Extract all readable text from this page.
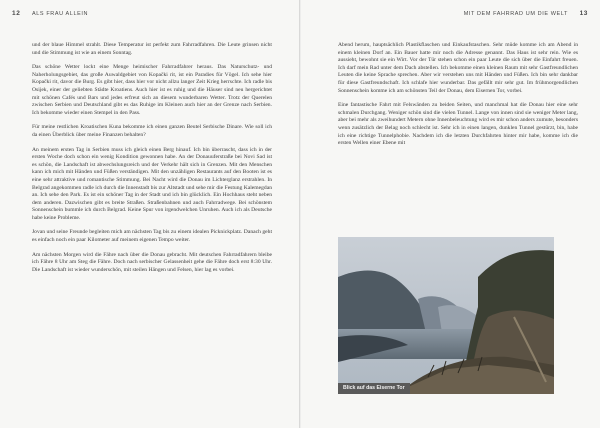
12 ALS FRAU ALLEIN

und der blaue Himmel strahlt. Diese Temperatur ist perfekt zum Fahrradfahren. Die Leute grinsen nicht und die Stimmung ist wie an einem Sonntag.

Das schöne Wetter lockt eine Menge heimischer Fahrradfahrer heraus. Das Naturschutz- und Naherholungsgebiet, das große Auwaldgebiet von Kopački rit, ist ein Paradies für Vögel. Ich sehe hier Kopački rit, davor die Burg. Es gibt hier, dass hier vor nicht allzu langer Zeit Krieg herrschte. Ich radle bis Osijek, einer der geliebten Städte Kroatiens. Auch hier ist es ruhig und die Häuser sind neu hergerichtet mit schönen Cafés und Bars und jedes erfreut sich an diesem wunderbaren Wetter. Trotz der Querelen zwischen Serbien und Deutschland gibt es das Ruhige im Kleinen auch hier an der Grenze nach Serbien. Ich bekomme wieder einen Stempel in den Pass.

Für meine restlichen Kroatischen Kuna bekomme ich einen ganzen Beutel Serbische Dinare. Wie soll ich da einen Überblick über meine Finanzen behalten?

An meinem ersten Tag in Serbien muss ich gleich einen Berg hinauf. Ich bin überrascht, dass ich in der ersten Woche doch schon ein wenig Kondition gewonnen habe. An der Donauuferstraße bei Novi Sad ist es schön, die Landschaft ist abwechslungsreich und der Verkehr hält sich in Grenzen. Mit den Menschen kann ich mich mit Händen und Füßen verständigen. Mit den unzähligen Restaurants auf den Booten ist es eine sehr attraktive und romantische Stimmung. Bei Nacht wird die Donau im Lichterglanz erstrahlen. In Belgrad angekommen radle ich durch die Innenstadt bis zur Altstadt und sehe mir die Festung Kalemegdan an. Ich sehe den Park. Es ist ein schöner Tag in der Stadt und ich bin glücklich. Ein Hochhaus steht neben dem anderen. Dazwischen gibt es breite Straßen. Straßenbahnen und auch Fahrradwege. Bei schönstem Sonnenschein bummle ich durch Belgrad. Keine Spur von irgendwelchen Unruhen. Auch ich als Deutsche habe keine Probleme.

Jovan und seine Freunde begleiten mich am nächsten Tag bis zu einem idealen Picknickplatz. Danach geht es einfach noch ein paar Kilometer auf meinem eigenen Tempo weiter.

Am nächsten Morgen wird die Fähre nach über die Donau gebracht. Mit deutschen Fahrradfahrern bleibe ich Fähre 8 Uhr am Steg die Fähre. Doch nach serbischer Gelassenheit gehe die Fähre doch erst 8:30 Uhr. Die Landschaft ist wieder wunderschön, mit steilen Hängen und Felsen, hier lag es vorbei.

MIT DEM FAHRRAD UM DIE WELT 13

Abend herum, hauptsächlich Plastikflaschen und Einkaufstaschen. Sehr müde komme ich am Abend in einem kleinen Dorf an. Ein Bauer hatte mir noch die Adresse genannt. Das Haus ist sehr rein. Wie es aussieht, bewohnt sie ein Wirt. Vor der Tür stehen schon ein paar Leute die sich über die Einfahrt freuen. Ich darf mein Rad unter dem Dach abstellen. Ich bekomme einen kleinen Raum mit sehr Gastfreundlichen Leuten die keine Sprache sprechen. Aber wir verstehen uns mit Händen und Füßen. Ich bin sehr dankbar für diese Gastfreundschaft. Ich schlafe hier wunderbar. Das gefällt mir sehr gut. Im frühmorgendlichen Sonnenschein komme ich am schönsten Teil der Donau, dem Eisernen Tor, vorbei.

Eine fantastische Fahrt mit Felswänden zu beiden Seiten, und manchmal hat die Donau hier eine sehr schmalen Durchgang. Weniger schön sind die vielen Tunnel. Lange von innen sind sie weniger Meter lang, aber bei mehr als zweihundert Metern ohne Innenbeleuchtung wird es mir schon anders zumute, besonders wenn zusätzlich der Belag noch schlecht ist. Sehr ich in einen langen, dunklen Tunnel gestürzt, bin, habe ich eine richtige Tunnelphobie. Nachdem ich die letzten Durchfahrten hinter mir habe, komme ich die ersten Wellen einer Ebene mit

Blick auf das Eiserne Tor
